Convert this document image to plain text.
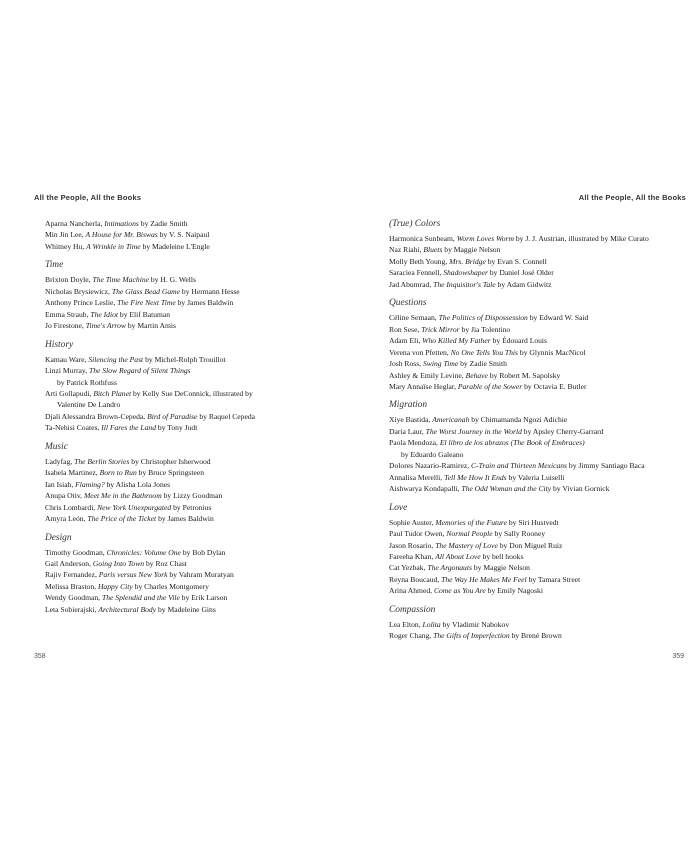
All the People, All the Books	All the People, All the Books
Aparna Nancherla, Intimations by Zadie Smith
Min Jin Lee, A House for Mr. Biswas by V. S. Naipaul
Whitney Hu, A Wrinkle in Time by Madeleine L'Engle
Time
Brixton Doyle, The Time Machine by H. G. Wells
Nicholas Brysiewicz, The Glass Bead Game by Hermann Hesse
Anthony Prince Leslie, The Fire Next Time by James Baldwin
Emma Straub, The Idiot by Elif Batuman
Jo Firestone, Time's Arrow by Martin Amis
History
Kamau Ware, Silencing the Past by Michel-Rolph Trouillot
Linzi Murray, The Slow Regard of Silent Things
by Patrick Rothfuss
Arti Gollapudi, Bitch Planet by Kelly Sue DeConnick, illustrated by
Valentine De Landro
Djali Alessandra Brown-Cepeda, Bird of Paradise by Raquel Cepeda
Ta-Nehisi Coates, Ill Fares the Land by Tony Judt
Music
Ladyfag, The Berlin Stories by Christopher Isherwood
Isabela Martinez, Born to Run by Bruce Springsteen
Ian Isiah, Flaming? by Alisha Lola Jones
Anupa Otiv, Meet Me in the Bathroom by Lizzy Goodman
Chris Lombardi, New York Unexpurgated by Petronius
Amyra León, The Price of the Ticket by James Baldwin
Design
Timothy Goodman, Chronicles: Volume One by Bob Dylan
Gail Anderson, Going Into Town by Roz Chast
Rajiv Fernandez, Paris versus New York by Vahram Muratyan
Melissa Braston, Happy City by Charles Montgomery
Wendy Goodman, The Splendid and the Vile by Erik Larson
Leta Sobierajski, Architectural Body by Madeleine Gins
(True) Colors
Harmonica Sunbeam, Worm Loves Worm by J. J. Austrian, illustrated by Mike Curato
Naz Riahi, Bluets by Maggie Nelson
Molly Beth Young, Mrs. Bridge by Evan S. Connell
Saraciea Fennell, Shadowshaper by Daniel José Older
Jad Abumrad, The Inquisitor's Tale by Adam Gidwitz
Questions
Céline Semaan, The Politics of Dispossession by Edward W. Said
Ron Sese, Trick Mirror by Jia Tolentino
Adam Eli, Who Killed My Father by Édouard Louis
Verena von Pfetten, No One Tells You This by Glynnis MacNicol
Josh Ross, Swing Time by Zadie Smith
Ashley & Emily Levine, Behave by Robert M. Sapolsky
Mary Annaïse Heglar, Parable of the Sower by Octavia E. Butler
Migration
Xiye Bastida, Americanah by Chimamanda Ngozi Adichie
Daria Laur, The Worst Journey in the World by Apsley Cherry-Garrard
Paola Mendoza, El libro de los abrazos (The Book of Embraces)
by Eduardo Galeano
Dolores Nazario-Ramirez, C-Train and Thirteen Mexicans by Jimmy Santiago Baca
Annalisa Merelli, Tell Me How It Ends by Valeria Luiselli
Aishwarya Kondapalli, The Odd Woman and the City by Vivian Gornick
Love
Sophie Auster, Memories of the Future by Siri Hustvedt
Paul Tudor Owen, Normal People by Sally Rooney
Jason Rosario, The Mastery of Love by Don Miguel Ruiz
Fareeha Khan, All About Love by bell hooks
Cat Yezbak, The Argonauts by Maggie Nelson
Reyna Boucaud, The Way He Makes Me Feel by Tamara Street
Arina Ahmed, Come as You Are by Emily Nagoski
Compassion
Lea Elton, Lolita by Vladimir Nabokov
Roger Chang, The Gifts of Imperfection by Brené Brown
358	359
